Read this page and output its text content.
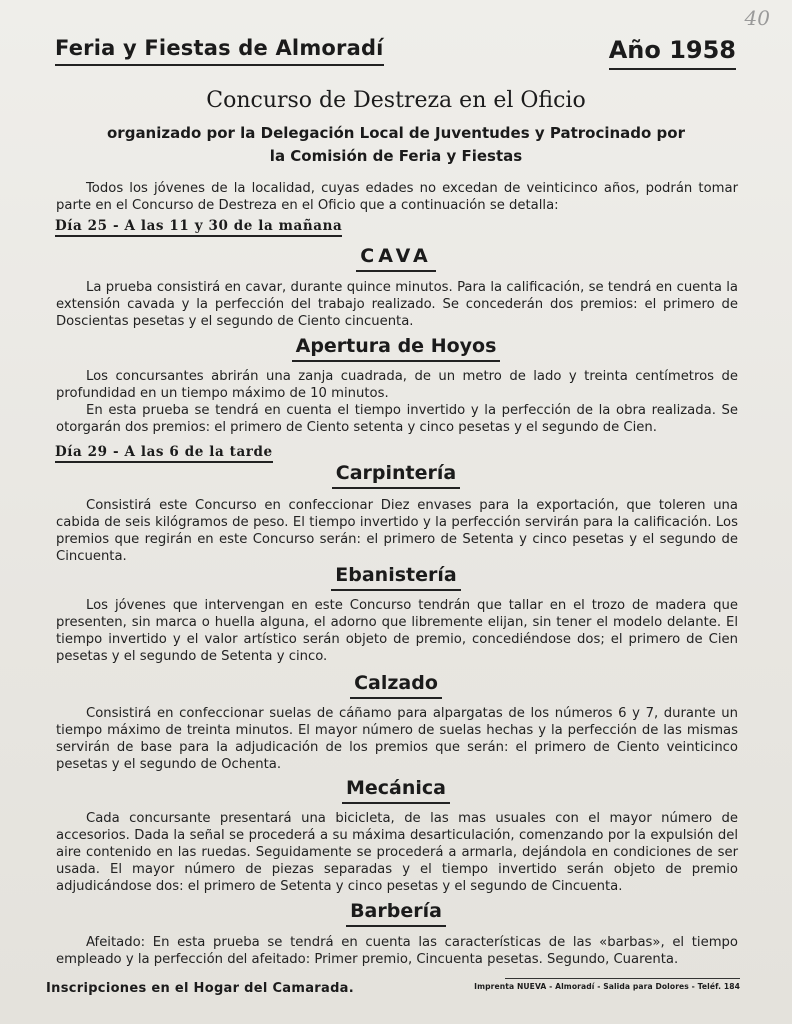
40
Feria y Fiestas de Almoradí	Año 1958
Concurso de Destreza en el Oficio
organizado por la Delegación Local de Juventudes y Patrocinado por
la Comisión de Feria y Fiestas
Todos los jóvenes de la localidad, cuyas edades no excedan de veinticinco años, podrán tomar parte en el Concurso de Destreza en el Oficio que a continuación se detalla:
Día 25 - A las 11 y 30 de la mañana
CAVA
La prueba consistirá en cavar, durante quince minutos. Para la calificación, se tendrá en cuenta la extensión cavada y la perfección del trabajo realizado. Se concederán dos premios: el primero de Doscientas pesetas y el segundo de Ciento cincuenta.
Apertura de Hoyos
Los concursantes abrirán una zanja cuadrada, de un metro de lado y treinta centímetros de profundidad en un tiempo máximo de 10 minutos.
En esta prueba se tendrá en cuenta el tiempo invertido y la perfección de la obra realizada. Se otorgarán dos premios: el primero de Ciento setenta y cinco pesetas y el segundo de Cien.
Día 29 - A las 6 de la tarde
Carpintería
Consistirá este Concurso en confeccionar Diez envases para la exportación, que toleren una cabida de seis kilógramos de peso. El tiempo invertido y la perfección servirán para la calificación. Los premios que regirán en este Concurso serán: el primero de Setenta y cinco pesetas y el segundo de Cincuenta.
Ebanistería
Los jóvenes que intervengan en este Concurso tendrán que tallar en el trozo de madera que presenten, sin marca o huella alguna, el adorno que libremente elijan, sin tener el modelo delante. El tiempo invertido y el valor artístico serán objeto de premio, concediéndose dos; el primero de Cien pesetas y el segundo de Setenta y cinco.
Calzado
Consistirá en confeccionar suelas de cáñamo para alpargatas de los números 6 y 7, durante un tiempo máximo de treinta minutos. El mayor número de suelas hechas y la perfección de las mismas servirán de base para la adjudicación de los premios que serán: el primero de Ciento veinticinco pesetas y el segundo de Ochenta.
Mecánica
Cada concursante presentará una bicicleta, de las mas usuales con el mayor número de accesorios. Dada la señal se procederá a su máxima desarticulación, comenzando por la expulsión del aire contenido en las ruedas. Seguidamente se procederá a armarla, dejándola en condiciones de ser usada. El mayor número de piezas separadas y el tiempo invertido serán objeto de premio adjudicándose dos: el primero de Setenta y cinco pesetas y el segundo de Cincuenta.
Barbería
Afeitado: En esta prueba se tendrá en cuenta las características de las «barbas», el tiempo empleado y la perfección del afeitado: Primer premio, Cincuenta pesetas. Segundo, Cuarenta.
Inscripciones en el Hogar del Camarada.	Imprenta NUEVA - Almoradí - Salida para Dolores - Teléf. 184
